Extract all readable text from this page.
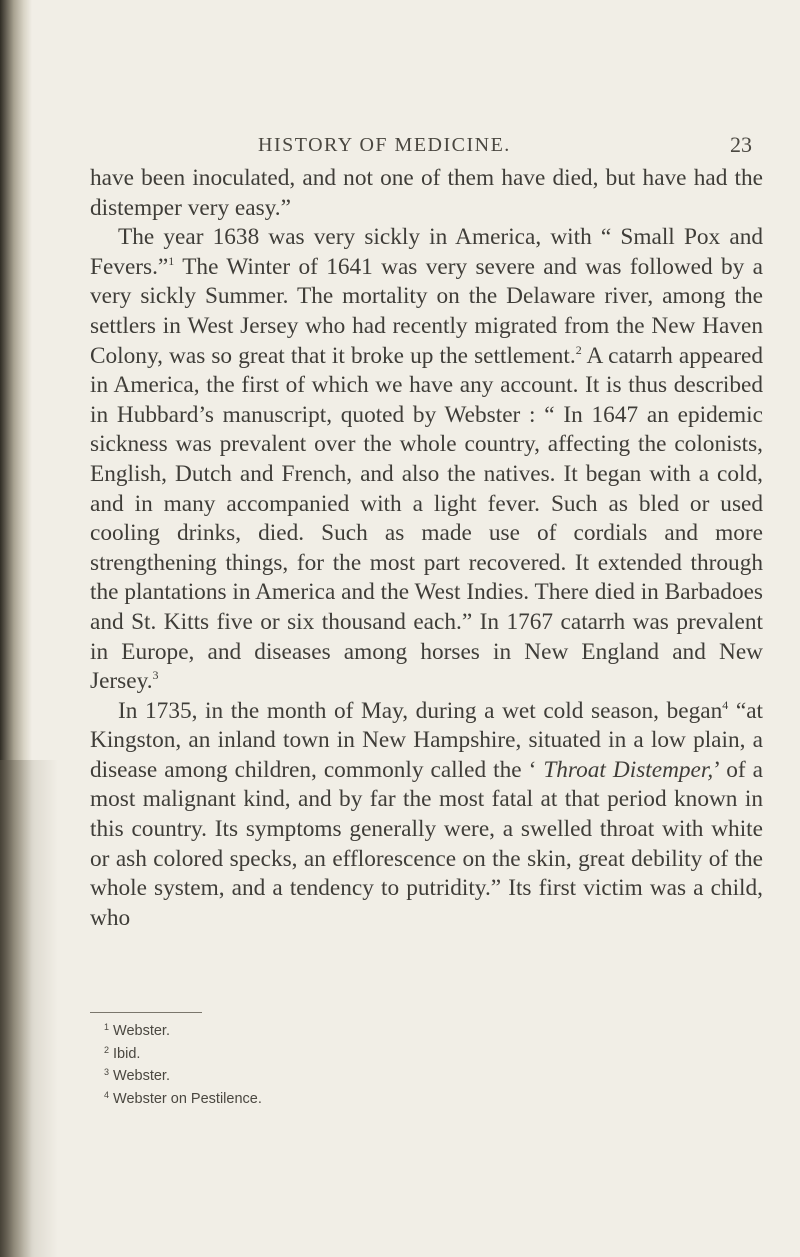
HISTORY OF MEDICINE.	23

have been inoculated, and not one of them have died, but have had the distemper very easy.”

The year 1638 was very sickly in America, with “ Small Pox and Fevers.”$^1$ The Winter of 1641 was very severe and was followed by a very sickly Summer. The mortality on the Delaware river, among the settlers in West Jersey who had recently migrated from the New Haven Colony, was so great that it broke up the settlement.$^2$ A catarrh appeared in America, the first of which we have any account. It is thus described in Hubbard’s manuscript, quoted by Webster : “ In 1647 an epidemic sickness was prevalent over the whole country, affecting the colonists, English, Dutch and French, and also the natives. It began with a cold, and in many accompanied with a light fever. Such as bled or used cooling drinks, died. Such as made use of cordials and more strengthening things, for the most part recovered. It extended through the plantations in America and the West Indies. There died in Barbadoes and St. Kitts five or six thousand each.” In 1767 catarrh was prevalent in Europe, and diseases among horses in New England and New Jersey.$^3$

In 1735, in the month of May, during a wet cold season, began$^4$ “at Kingston, an inland town in New Hampshire, situated in a low plain, a disease among children, commonly called the ‘ Throat Distemper,’ of a most malignant kind, and by far the most fatal at that period known in this country. Its symptoms generally were, a swelled throat with white or ash colored specks, an efflorescence on the skin, great debility of the whole system, and a tendency to putridity.” Its first victim was a child, who

$^1$ Webster.
$^2$ Ibid.
$^3$ Webster.
$^4$ Webster on Pestilence.
